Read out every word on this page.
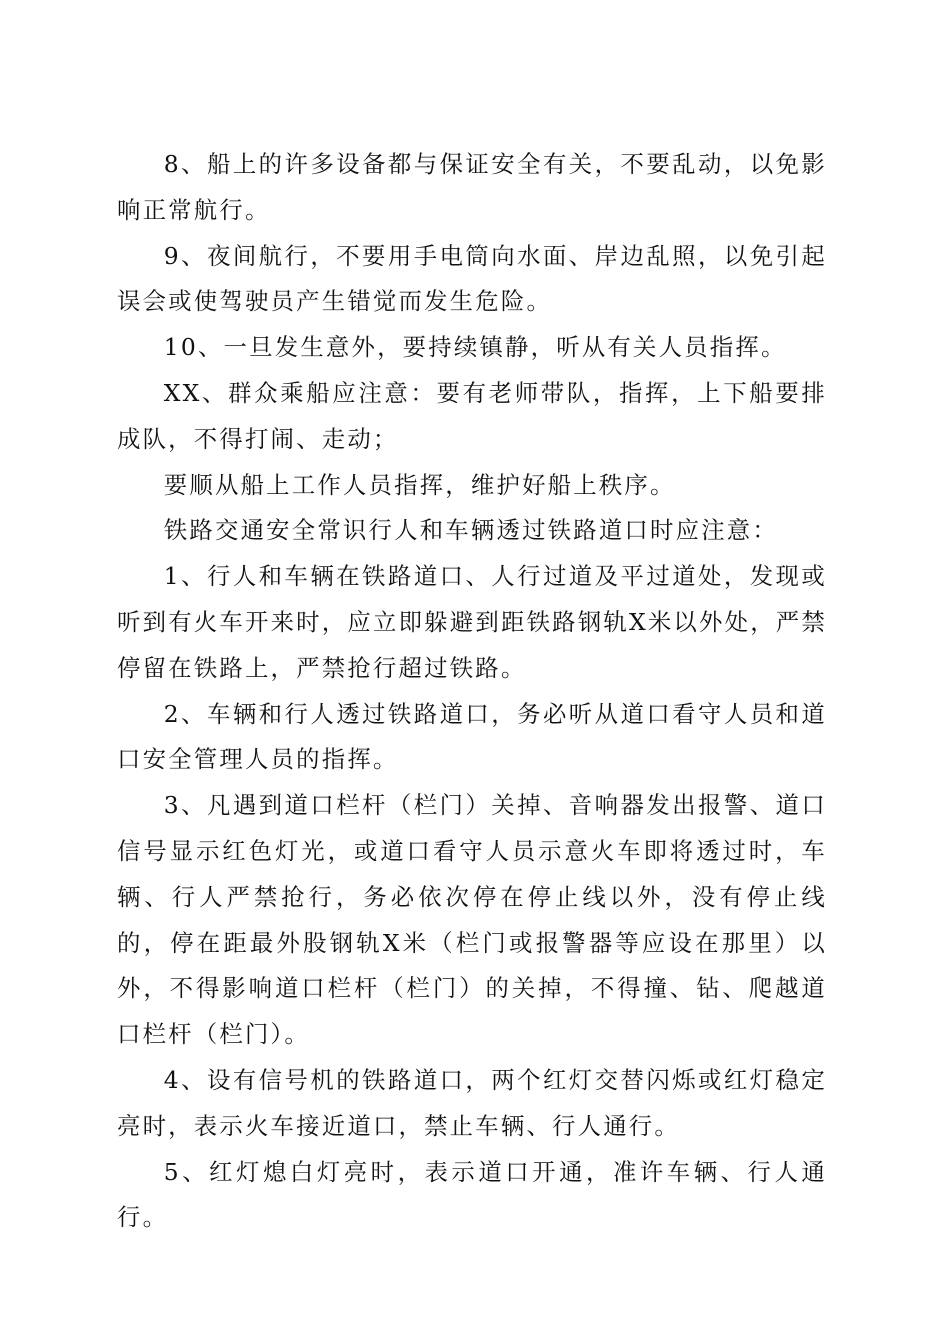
8、船上的许多设备都与保证安全有关，不要乱动，以免影响正常航行。

9、夜间航行，不要用手电筒向水面、岸边乱照，以免引起误会或使驾驶员产生错觉而发生危险。

10、一旦发生意外，要持续镇静，听从有关人员指挥。

XX、群众乘船应注意：要有老师带队，指挥，上下船要排成队，不得打闹、走动；

要顺从船上工作人员指挥，维护好船上秩序。

铁路交通安全常识行人和车辆透过铁路道口时应注意：

1、行人和车辆在铁路道口、人行过道及平过道处，发现或听到有火车开来时，应立即躲避到距铁路钢轨X米以外处，严禁停留在铁路上，严禁抢行超过铁路。

2、车辆和行人透过铁路道口，务必听从道口看守人员和道口安全管理人员的指挥。

3、凡遇到道口栏杆（栏门）关掉、音响器发出报警、道口信号显示红色灯光，或道口看守人员示意火车即将透过时，车辆、行人严禁抢行，务必依次停在停止线以外，没有停止线的，停在距最外股钢轨X米（栏门或报警器等应设在那里）以外，不得影响道口栏杆（栏门）的关掉，不得撞、钻、爬越道口栏杆（栏门）。

4、设有信号机的铁路道口，两个红灯交替闪烁或红灯稳定亮时，表示火车接近道口，禁止车辆、行人通行。

5、红灯熄白灯亮时，表示道口开通，准许车辆、行人通行。
